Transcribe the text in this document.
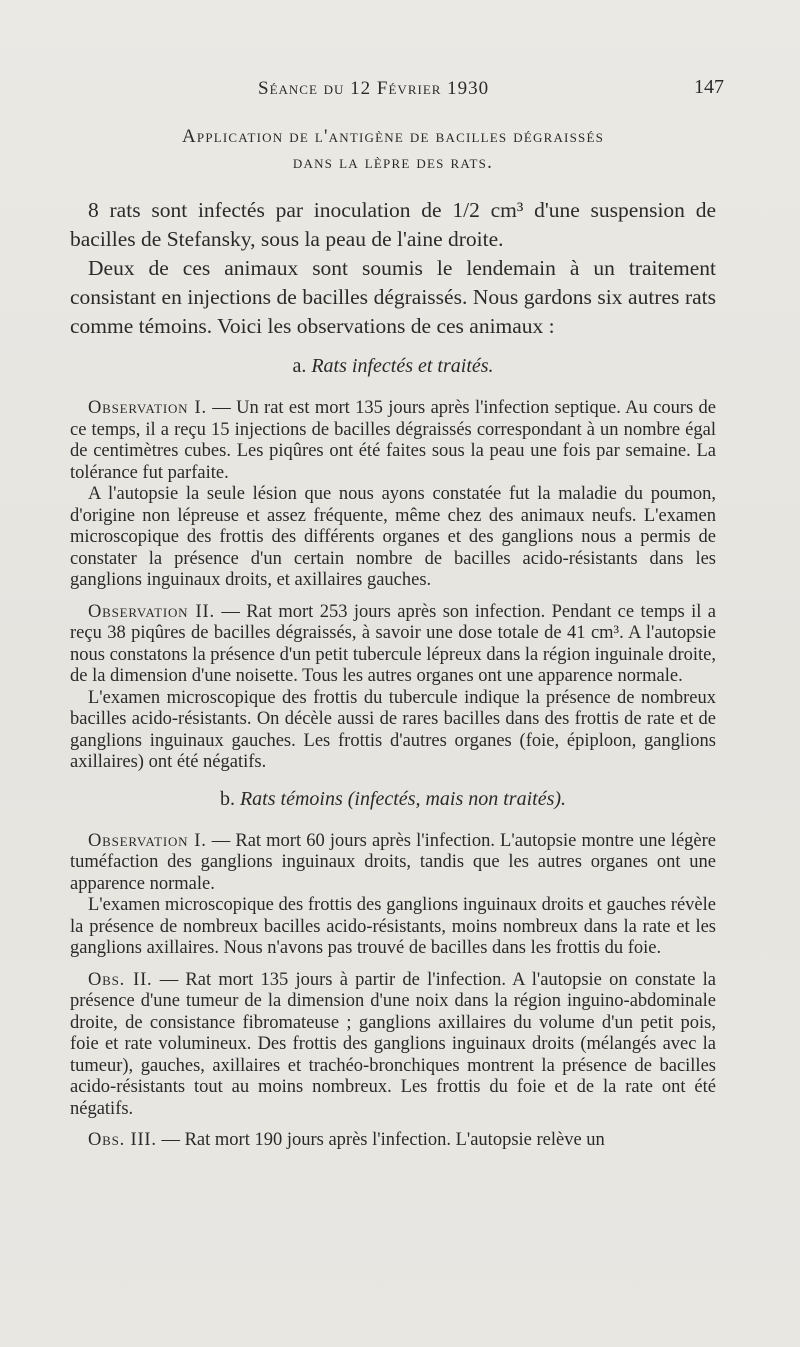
Séance du 12 Février 1930	147
Application de l'antigène de bacilles dégraissés
dans la lèpre des rats.

8 rats sont infectés par inoculation de 1/2 cm³ d'une suspension de bacilles de Stefansky, sous la peau de l'aine droite.

Deux de ces animaux sont soumis le lendemain à un traitement consistant en injections de bacilles dégraissés. Nous gardons six autres rats comme témoins. Voici les observations de ces animaux :

a. Rats infectés et traités.

Observation I. — Un rat est mort 135 jours après l'infection septique. Au cours de ce temps, il a reçu 15 injections de bacilles dégraissés correspondant à un nombre égal de centimètres cubes. Les piqûres ont été faites sous la peau une fois par semaine. La tolérance fut parfaite.

A l'autopsie la seule lésion que nous ayons constatée fut la maladie du poumon, d'origine non lépreuse et assez fréquente, même chez des animaux neufs. L'examen microscopique des frottis des différents organes et des ganglions nous a permis de constater la présence d'un certain nombre de bacilles acido-résistants dans les ganglions inguinaux droits, et axillaires gauches.

Observation II. — Rat mort 253 jours après son infection. Pendant ce temps il a reçu 38 piqûres de bacilles dégraissés, à savoir une dose totale de 41 cm³. A l'autopsie nous constatons la présence d'un petit tubercule lépreux dans la région inguinale droite, de la dimension d'une noisette. Tous les autres organes ont une apparence normale.

L'examen microscopique des frottis du tubercule indique la présence de nombreux bacilles acido-résistants. On décèle aussi de rares bacilles dans des frottis de rate et de ganglions inguinaux gauches. Les frottis d'autres organes (foie, épiploon, ganglions axillaires) ont été négatifs.

b. Rats témoins (infectés, mais non traités).

Observation I. — Rat mort 60 jours après l'infection. L'autopsie montre une légère tuméfaction des ganglions inguinaux droits, tandis que les autres organes ont une apparence normale.

L'examen microscopique des frottis des ganglions inguinaux droits et gauches révèle la présence de nombreux bacilles acido-résistants, moins nombreux dans la rate et les ganglions axillaires. Nous n'avons pas trouvé de bacilles dans les frottis du foie.

Obs. II. — Rat mort 135 jours à partir de l'infection. A l'autopsie on constate la présence d'une tumeur de la dimension d'une noix dans la région inguino-abdominale droite, de consistance fibromateuse ; ganglions axillaires du volume d'un petit pois, foie et rate volumineux. Des frottis des ganglions inguinaux droits (mélangés avec la tumeur), gauches, axillaires et trachéo-bronchiques montrent la présence de bacilles acido-résistants tout au moins nombreux. Les frottis du foie et de la rate ont été négatifs.

Obs. III. — Rat mort 190 jours après l'infection. L'autopsie relève un
